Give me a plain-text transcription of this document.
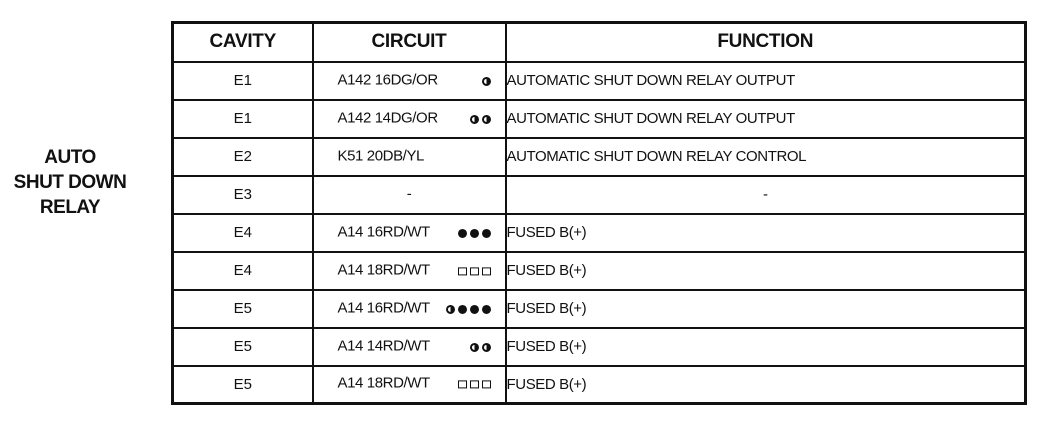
AUTO
SHUT DOWN
RELAY
CAVITY	CIRCUIT	FUNCTION
E1	A142 16DG/OR	AUTOMATIC SHUT DOWN RELAY OUTPUT
E1	A142 14DG/OR	AUTOMATIC SHUT DOWN RELAY OUTPUT
E2	K51 20DB/YL	AUTOMATIC SHUT DOWN RELAY CONTROL
E3	-	-
E4	A14 16RD/WT	FUSED B(+)
E4	A14 18RD/WT	FUSED B(+)
E5	A14 16RD/WT	FUSED B(+)
E5	A14 14RD/WT	FUSED B(+)
E5	A14 18RD/WT	FUSED B(+)
